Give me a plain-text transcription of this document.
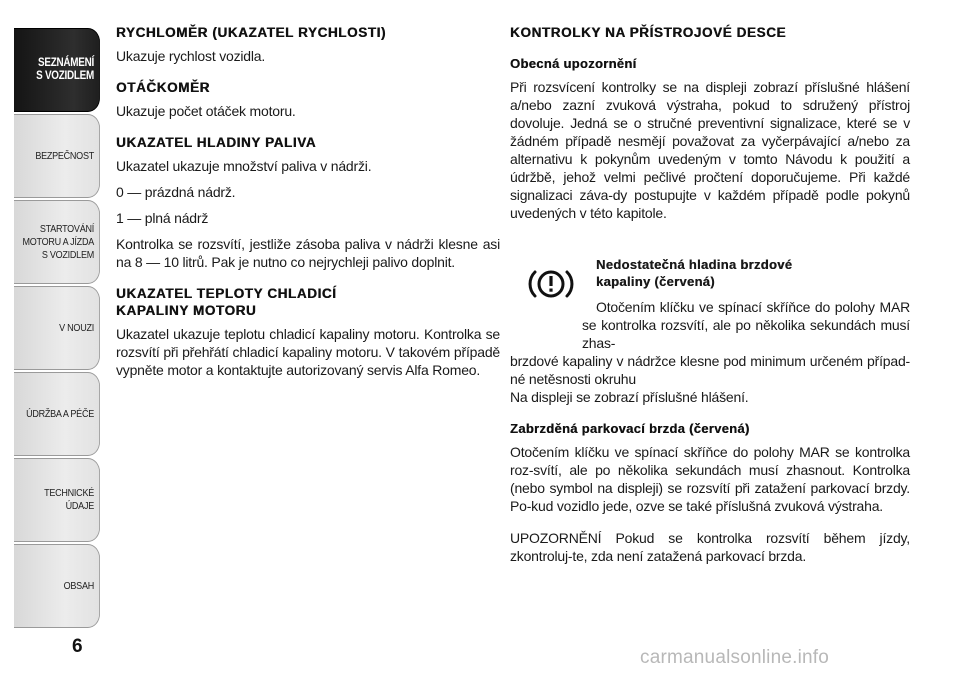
SEZNÁMENÍ
S VOZIDLEM
BEZPEČNOST
STARTOVÁNÍ
MOTORU A JÍZDA
S VOZIDLEM
V NOUZI
ÚDRŽBA A PÉČE
TECHNICKÉ
ÚDAJE
OBSAH
6
RYCHLOMĚR (UKAZATEL RYCHLOSTI)

Ukazuje rychlost vozidla.

OTÁČKOMĚR

Ukazuje počet otáček motoru.

UKAZATEL HLADINY PALIVA

Ukazatel ukazuje množství paliva v nádrži.

0 — prázdná nádrž.

1 — plná nádrž

Kontrolka se rozsvítí, jestliže zásoba paliva v nádrži klesne asi na 8 — 10 litrů. Pak je nutno co nejrychleji palivo doplnit.

UKAZATEL TEPLOTY CHLADICÍ
KAPALINY MOTORU

Ukazatel ukazuje teplotu chladicí kapaliny motoru. Kontrolka se rozsvítí při přehřátí chladicí kapaliny motoru. V takovém případě vypněte motor a kontaktujte autorizovaný servis Alfa Romeo.

KONTROLKY NA PŘÍSTROJOVÉ DESCE
Obecná upozornění

Při rozsvícení kontrolky se na displeji zobrazí příslušné hlášení a/nebo zazní zvuková výstraha, pokud to sdružený přístroj dovoluje. Jedná se o stručné preventivní signalizace, které se v žádném případě nesmějí považovat za vyčerpávající a/nebo za alternativu k pokynům uvedeným v tomto Návodu k použití a údržbě, jehož velmi pečlivé pročtení doporučujeme. Při každé signalizaci záva-dy postupujte v každém případě podle pokynů uvedených v této kapitole.

Nedostatečná hladina brzdové
kapaliny (červená)

Otočením klíčku ve spínací skříňce do polohy MAR se kontrolka rozsvítí, ale po několika sekundách musí zhas-

brzdové kapaliny v nádržce klesne pod minimum určeném případ-né netěsnosti okruhu

Na displeji se zobrazí příslušné hlášení.

Zabrzděná parkovací brzda (červená)

Otočením klíčku ve spínací skříňce do polohy MAR se kontrolka roz-svítí, ale po několika sekundách musí zhasnout. Kontrolka (nebo symbol na displeji) se rozsvítí při zatažení parkovací brzdy. Po-kud vozidlo jede, ozve se také příslušná zvuková výstraha.

UPOZORNĚNÍ Pokud se kontrolka rozsvítí během jízdy, zkontroluj-te, zda není zatažená parkovací brzda.

carmanualsonline.info
